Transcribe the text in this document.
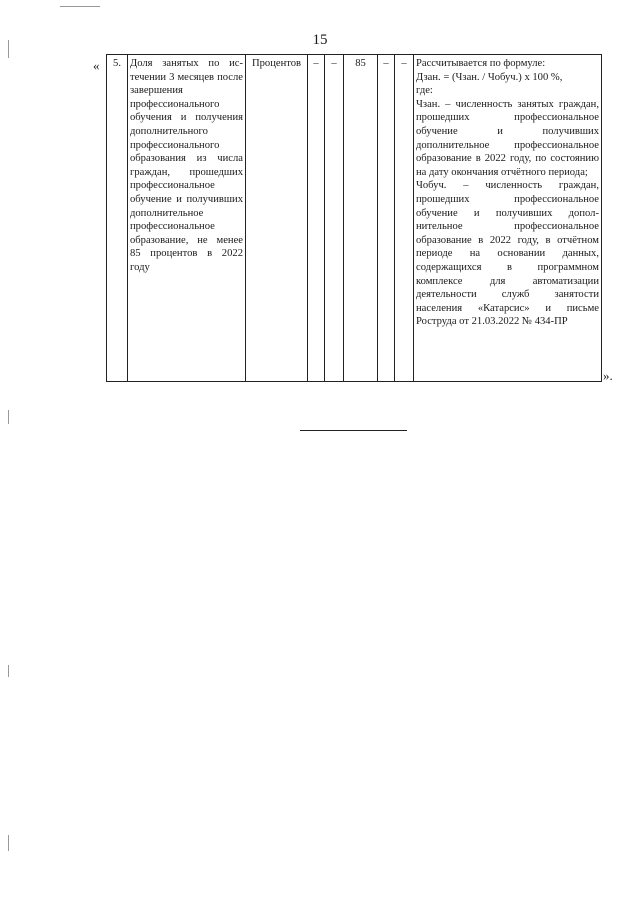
15
« 5.	Доля занятых по истечении 3 месяцев после завершения профессионального обучения и получения дополнительного профессионального образования из числа граждан, прошедших профессиональное обучение и получивших дополнительное профессиональное образование, не менее 85 процентов в 2022 году	Процентов	–	–	85	–	–	Рассчитывается по формуле:
Дзан. = (Чзан. / Чобуч.) х 100 %,
где:
Чзан. – численность занятых граждан, прошедших профессиональное обучение и получивших дополнительное профессиональное образование в 2022 году, по состоянию на дату окончания отчётного периода;
Чобуч. – численность граждан, прошедших профессиональное обучение и получивших дополнительное профессиональное образование в 2022 году, в отчётном периоде на основании данных, содержащихся в программном комплексе для автоматизации деятельности служб занятости населения «Катарсис» и письме Роструда от 21.03.2022 № 434-ПР
».
